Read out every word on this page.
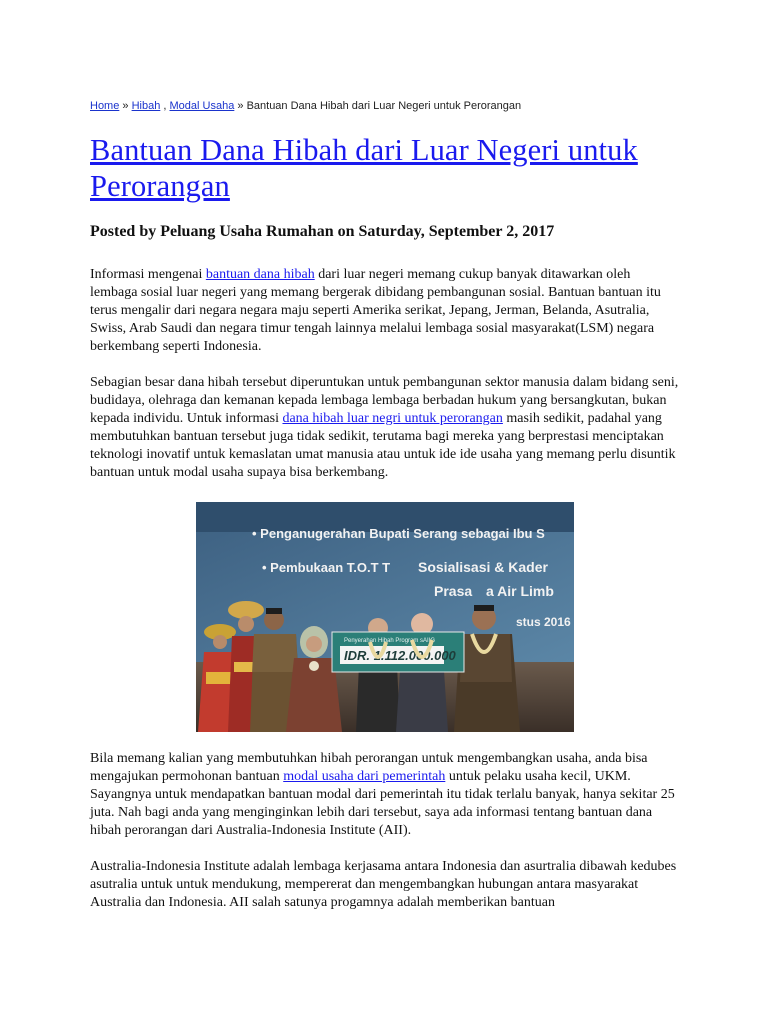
Home » Hibah , Modal Usaha » Bantuan Dana Hibah dari Luar Negeri untuk Perorangan
Bantuan Dana Hibah dari Luar Negeri untuk Perorangan
Posted by Peluang Usaha Rumahan on Saturday, September 2, 2017

Informasi mengenai bantuan dana hibah dari luar negeri memang cukup banyak ditawarkan oleh lembaga sosial luar negeri yang memang bergerak dibidang pembangunan sosial. Bantuan bantuan itu terus mengalir dari negara negara maju seperti Amerika serikat, Jepang, Jerman, Belanda, Asutralia, Swiss, Arab Saudi dan negara timur tengah lainnya melalui lembaga sosial masyarakat(LSM) negara berkembang seperti Indonesia.

Sebagian besar dana hibah tersebut diperuntukan untuk pembangunan sektor manusia dalam bidang seni, budidaya, olehraga dan kemanan kepada lembaga lembaga berbadan hukum yang bersangkutan, bukan kepada individu. Untuk informasi dana hibah luar negri untuk perorangan masih sedikit, padahal yang membutuhkan bantuan tersebut juga tidak sedikit, terutama bagi mereka yang berprestasi menciptakan teknologi inovatif untuk kemaslatan umat manusia atau untuk ide ide usaha yang memang perlu disuntik bantuan untuk modal usaha supaya bisa berkembang.

• Penganugerahan Bupati Serang sebagai Ibu S
• Pembukaan T.O.T T Sosialisasi & Kader
Prasa a Air Limb
stus 2016
Penyerahan Hibah Program sAIIG
IDR. 1.112.000.000

Bila memang kalian yang membutuhkan hibah perorangan untuk mengembangkan usaha, anda bisa mengajukan permohonan bantuan modal usaha dari pemerintah untuk pelaku usaha kecil, UKM. Sayangnya untuk mendapatkan bantuan modal dari pemerintah itu tidak terlalu banyak, hanya sekitar 25 juta. Nah bagi anda yang menginginkan lebih dari tersebut, saya ada informasi tentang bantuan dana hibah perorangan dari Australia-Indonesia Institute (AII).

Australia-Indonesia Institute adalah lembaga kerjasama antara Indonesia dan asurtralia dibawah kedubes asutralia untuk untuk mendukung, mempererat dan mengembangkan hubungan antara masyarakat Australia dan Indonesia. AII salah satunya progamnya adalah memberikan bantuan
